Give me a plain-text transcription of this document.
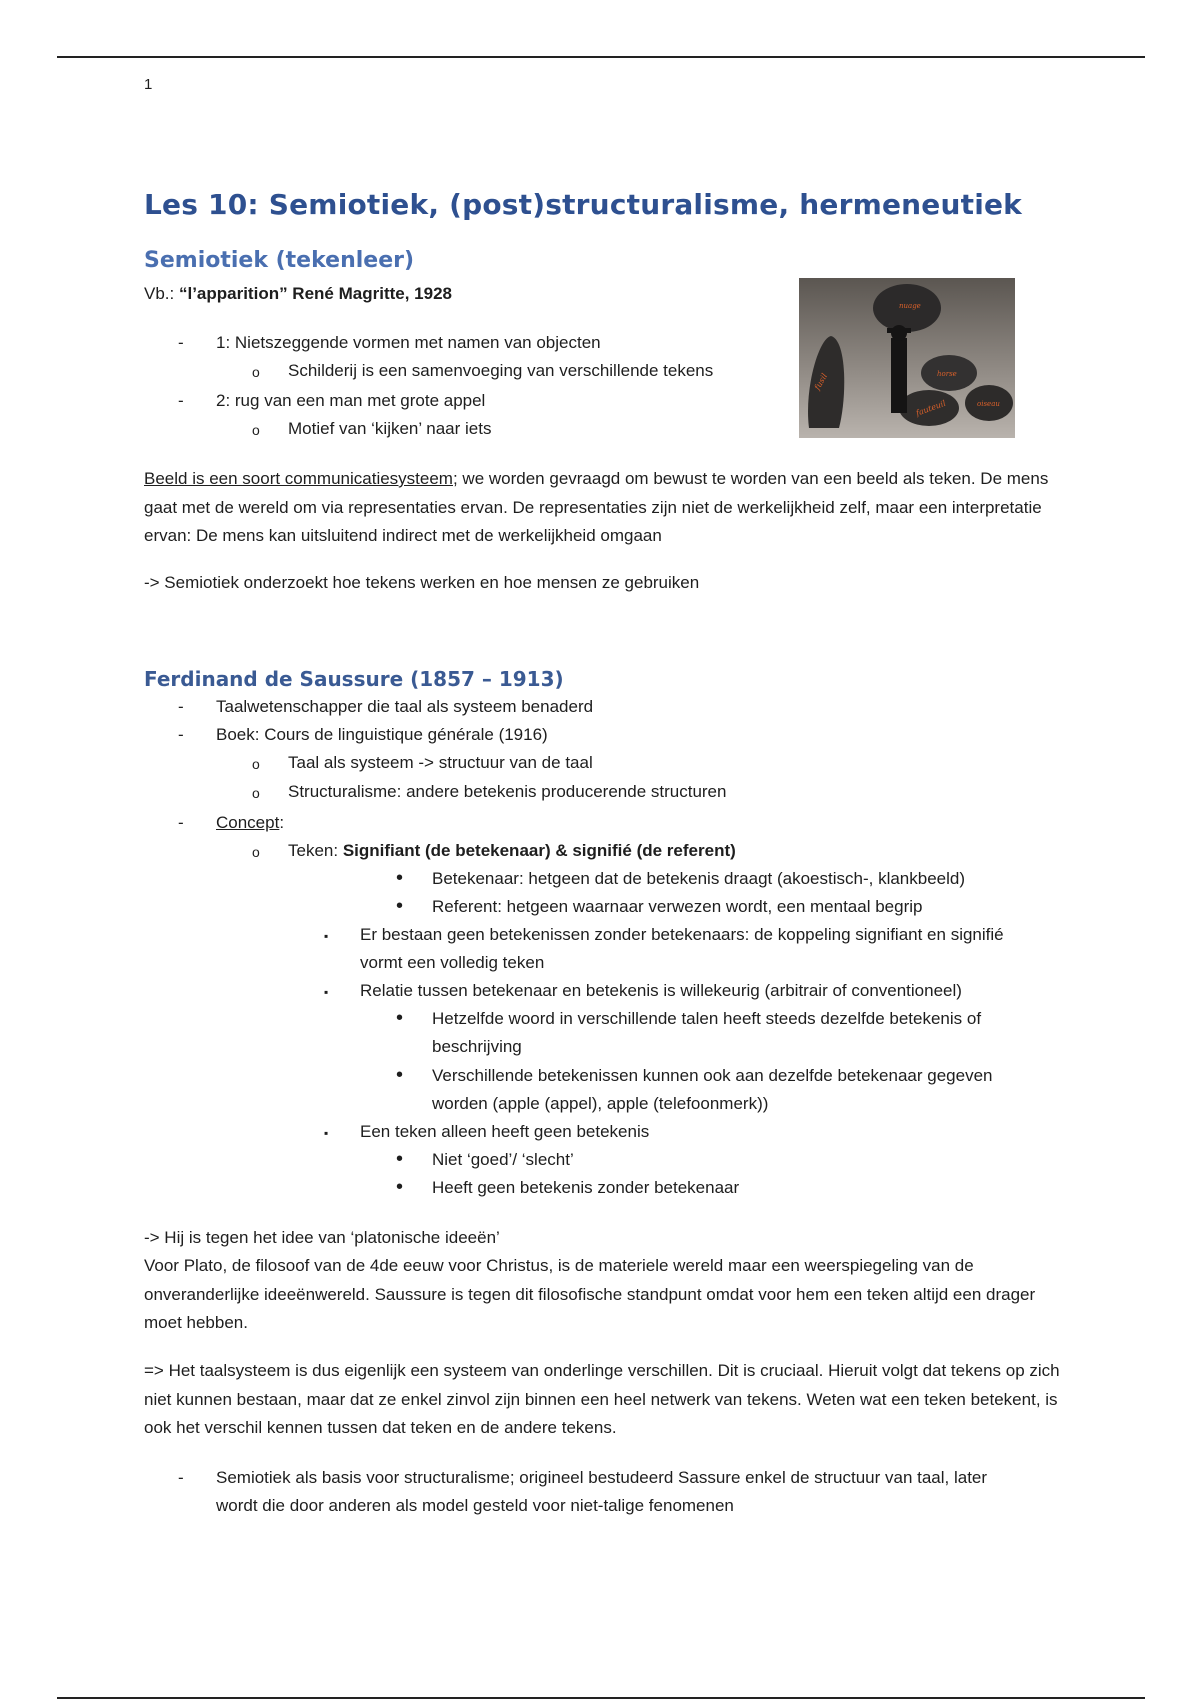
1
Les 10: Semiotiek, (post)structuralisme, hermeneutiek
Semiotiek (tekenleer)
Vb.: “l’apparition” René Magritte, 1928
nuage
fusil	horse
fauteuil	oiseau
-	1: Nietszeggende vormen met namen van objecten
o Schilderij is een samenvoeging van verschillende tekens
-	2: rug van een man met grote appel
o Motief van ‘kijken’ naar iets
Beeld is een soort communicatiesysteem; we worden gevraagd om bewust te worden van een beeld als teken. De mens gaat met de wereld om via representaties ervan. De representaties zijn niet de werkelijkheid zelf, maar een interpretatie ervan: De mens kan uitsluitend indirect met de werkelijkheid omgaan
-> Semiotiek onderzoekt hoe tekens werken en hoe mensen ze gebruiken
Ferdinand de Saussure (1857 – 1913)
-	Taalwetenschapper die taal als systeem benaderd
-	Boek: Cours de linguistique générale (1916)
o Taal als systeem -> structuur van de taal
o Structuralisme: andere betekenis producerende structuren
-	Concept:
o Teken: Signifiant (de betekenaar) & signifié (de referent)
• Betekenaar: hetgeen dat de betekenis draagt (akoestisch-, klankbeeld)
• Referent: hetgeen waarnaar verwezen wordt, een mentaal begrip
▪ Er bestaan geen betekenissen zonder betekenaars: de koppeling signifiant en signifié
vormt een volledig teken
▪ Relatie tussen betekenaar en betekenis is willekeurig (arbitrair of conventioneel)
• Hetzelfde woord in verschillende talen heeft steeds dezelfde betekenis of
beschrijving
• Verschillende betekenissen kunnen ook aan dezelfde betekenaar gegeven
worden (apple (appel), apple (telefoonmerk))
▪ Een teken alleen heeft geen betekenis
• Niet ‘goed’/ ‘slecht’
• Heeft geen betekenis zonder betekenaar
-> Hij is tegen het idee van ‘platonische ideeën’
Voor Plato, de filosoof van de 4de eeuw voor Christus, is de materiele wereld maar een weerspiegeling van de onveranderlijke ideeënwereld. Saussure is tegen dit filosofische standpunt omdat voor hem een teken altijd een drager moet hebben.
=> Het taalsysteem is dus eigenlijk een systeem van onderlinge verschillen. Dit is cruciaal. Hieruit volgt dat tekens op zich niet kunnen bestaan, maar dat ze enkel zinvol zijn binnen een heel netwerk van tekens. Weten wat een teken betekent, is ook het verschil kennen tussen dat teken en de andere tekens.
-	Semiotiek als basis voor structuralisme; origineel bestudeerd Sassure enkel de structuur van taal, later
wordt die door anderen als model gesteld voor niet-talige fenomenen
